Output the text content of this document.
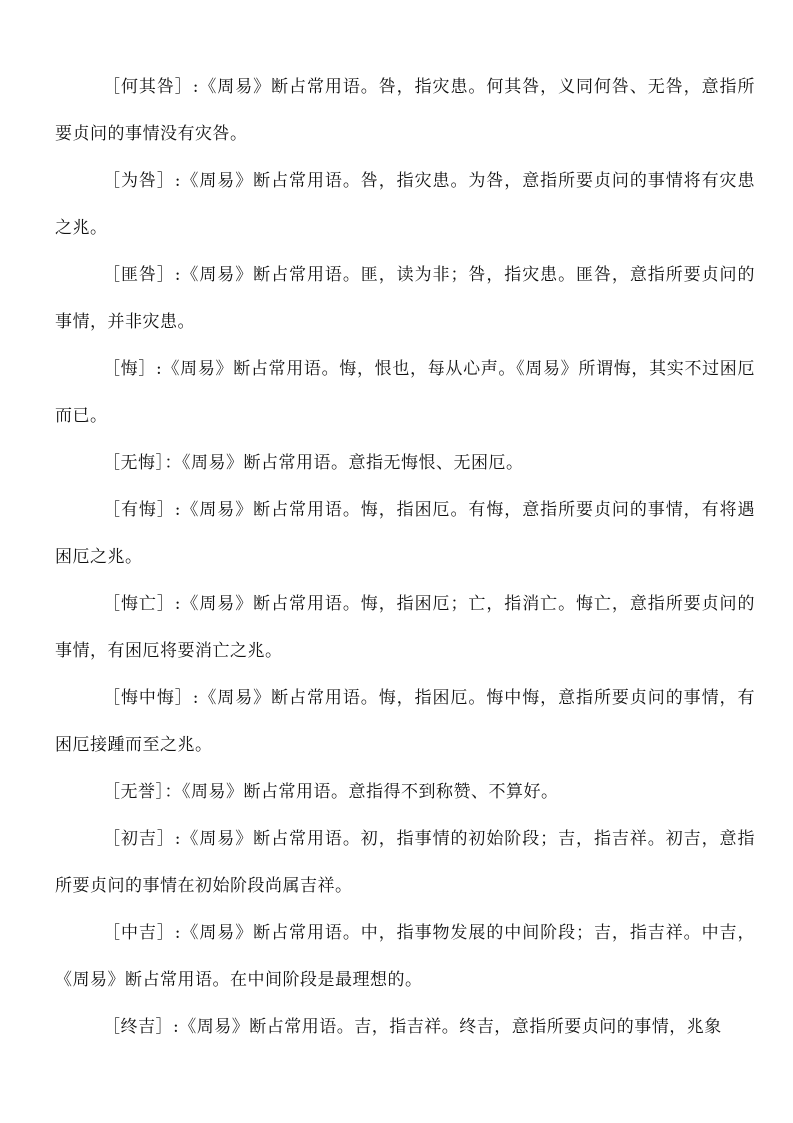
［何其咎］:《周易》断占常用语。咎，指灾患。何其咎，义同何咎、无咎，意指所要贞问的事情没有灾咎。

［为咎］:《周易》断占常用语。咎，指灾患。为咎，意指所要贞问的事情将有灾患之兆。

［匪咎］:《周易》断占常用语。匪，读为非；咎，指灾患。匪咎，意指所要贞问的事情，并非灾患。

［悔］:《周易》断占常用语。悔，恨也，每从心声。《周易》所谓悔，其实不过困厄而已。

［无悔］：《周易》断占常用语。意指无悔恨、无困厄。

［有悔］:《周易》断占常用语。悔，指困厄。有悔，意指所要贞问的事情，有将遇困厄之兆。

［悔亡］:《周易》断占常用语。悔，指困厄；亡，指消亡。悔亡，意指所要贞问的事情，有困厄将要消亡之兆。

［悔中悔］:《周易》断占常用语。悔，指困厄。悔中悔，意指所要贞问的事情，有困厄接踵而至之兆。

［无誉］：《周易》断占常用语。意指得不到称赞、不算好。

［初吉］:《周易》断占常用语。初，指事情的初始阶段；吉，指吉祥。初吉，意指所要贞问的事情在初始阶段尚属吉祥。

［中吉］:《周易》断占常用语。中，指事物发展的中间阶段；吉，指吉祥。中吉，《周易》断占常用语。在中间阶段是最理想的。

［终吉］:《周易》断占常用语。吉，指吉祥。终吉，意指所要贞问的事情，兆象
